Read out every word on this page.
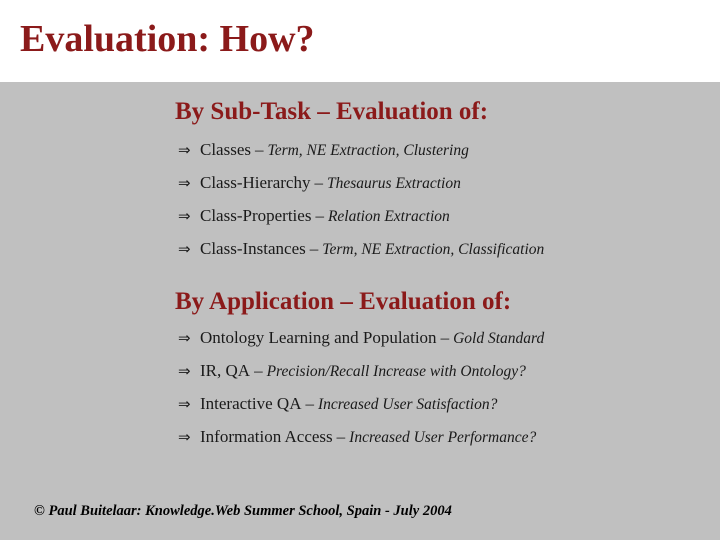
Evaluation: How?
By Sub-Task – Evaluation of:
⇒ Classes – Term, NE Extraction, Clustering
⇒ Class-Hierarchy – Thesaurus Extraction
⇒ Class-Properties – Relation Extraction
⇒ Class-Instances – Term, NE Extraction, Classification
By Application – Evaluation of:
⇒ Ontology Learning and Population – Gold Standard
⇒ IR, QA – Precision/Recall Increase with Ontology?
⇒ Interactive QA – Increased User Satisfaction?
⇒ Information Access – Increased User Performance?
© Paul Buitelaar: Knowledge.Web Summer School, Spain - July 2004
